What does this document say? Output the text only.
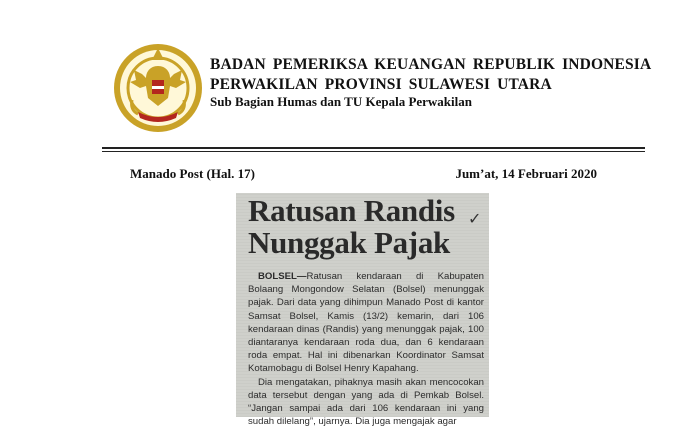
BADAN PEMERIKSA KEUANGAN REPUBLIK INDONESIA
PERWAKILAN PROVINSI SULAWESI UTARA
Sub Bagian Humas dan TU Kepala Perwakilan
Manado Post (Hal. 17)	Jum’at, 14 Februari 2020
Ratusan Randis
Nunggak Pajak
✓

BOLSEL—Ratusan kendaraan di Kabupaten Bolaang Mongondow Selatan (Bolsel) menunggak pajak. Dari data yang dihimpun Manado Post di kantor Samsat Bolsel, Kamis (13/2) kemarin, dari 106 kendaraan dinas (Randis) yang menunggak pajak, 100 diantaranya kendaraan roda dua, dan 6 kendaraan roda empat. Hal ini dibenarkan Koordinator Samsat Kotamobagu di Bolsel Henry Kapahang.

Dia mengatakan, pihaknya masih akan mencocokan data tersebut dengan yang ada di Pemkab Bolsel. “Jangan sampai ada dari 106 kendaraan ini yang sudah dilelang”, ujarnya. Dia juga mengajak agar
